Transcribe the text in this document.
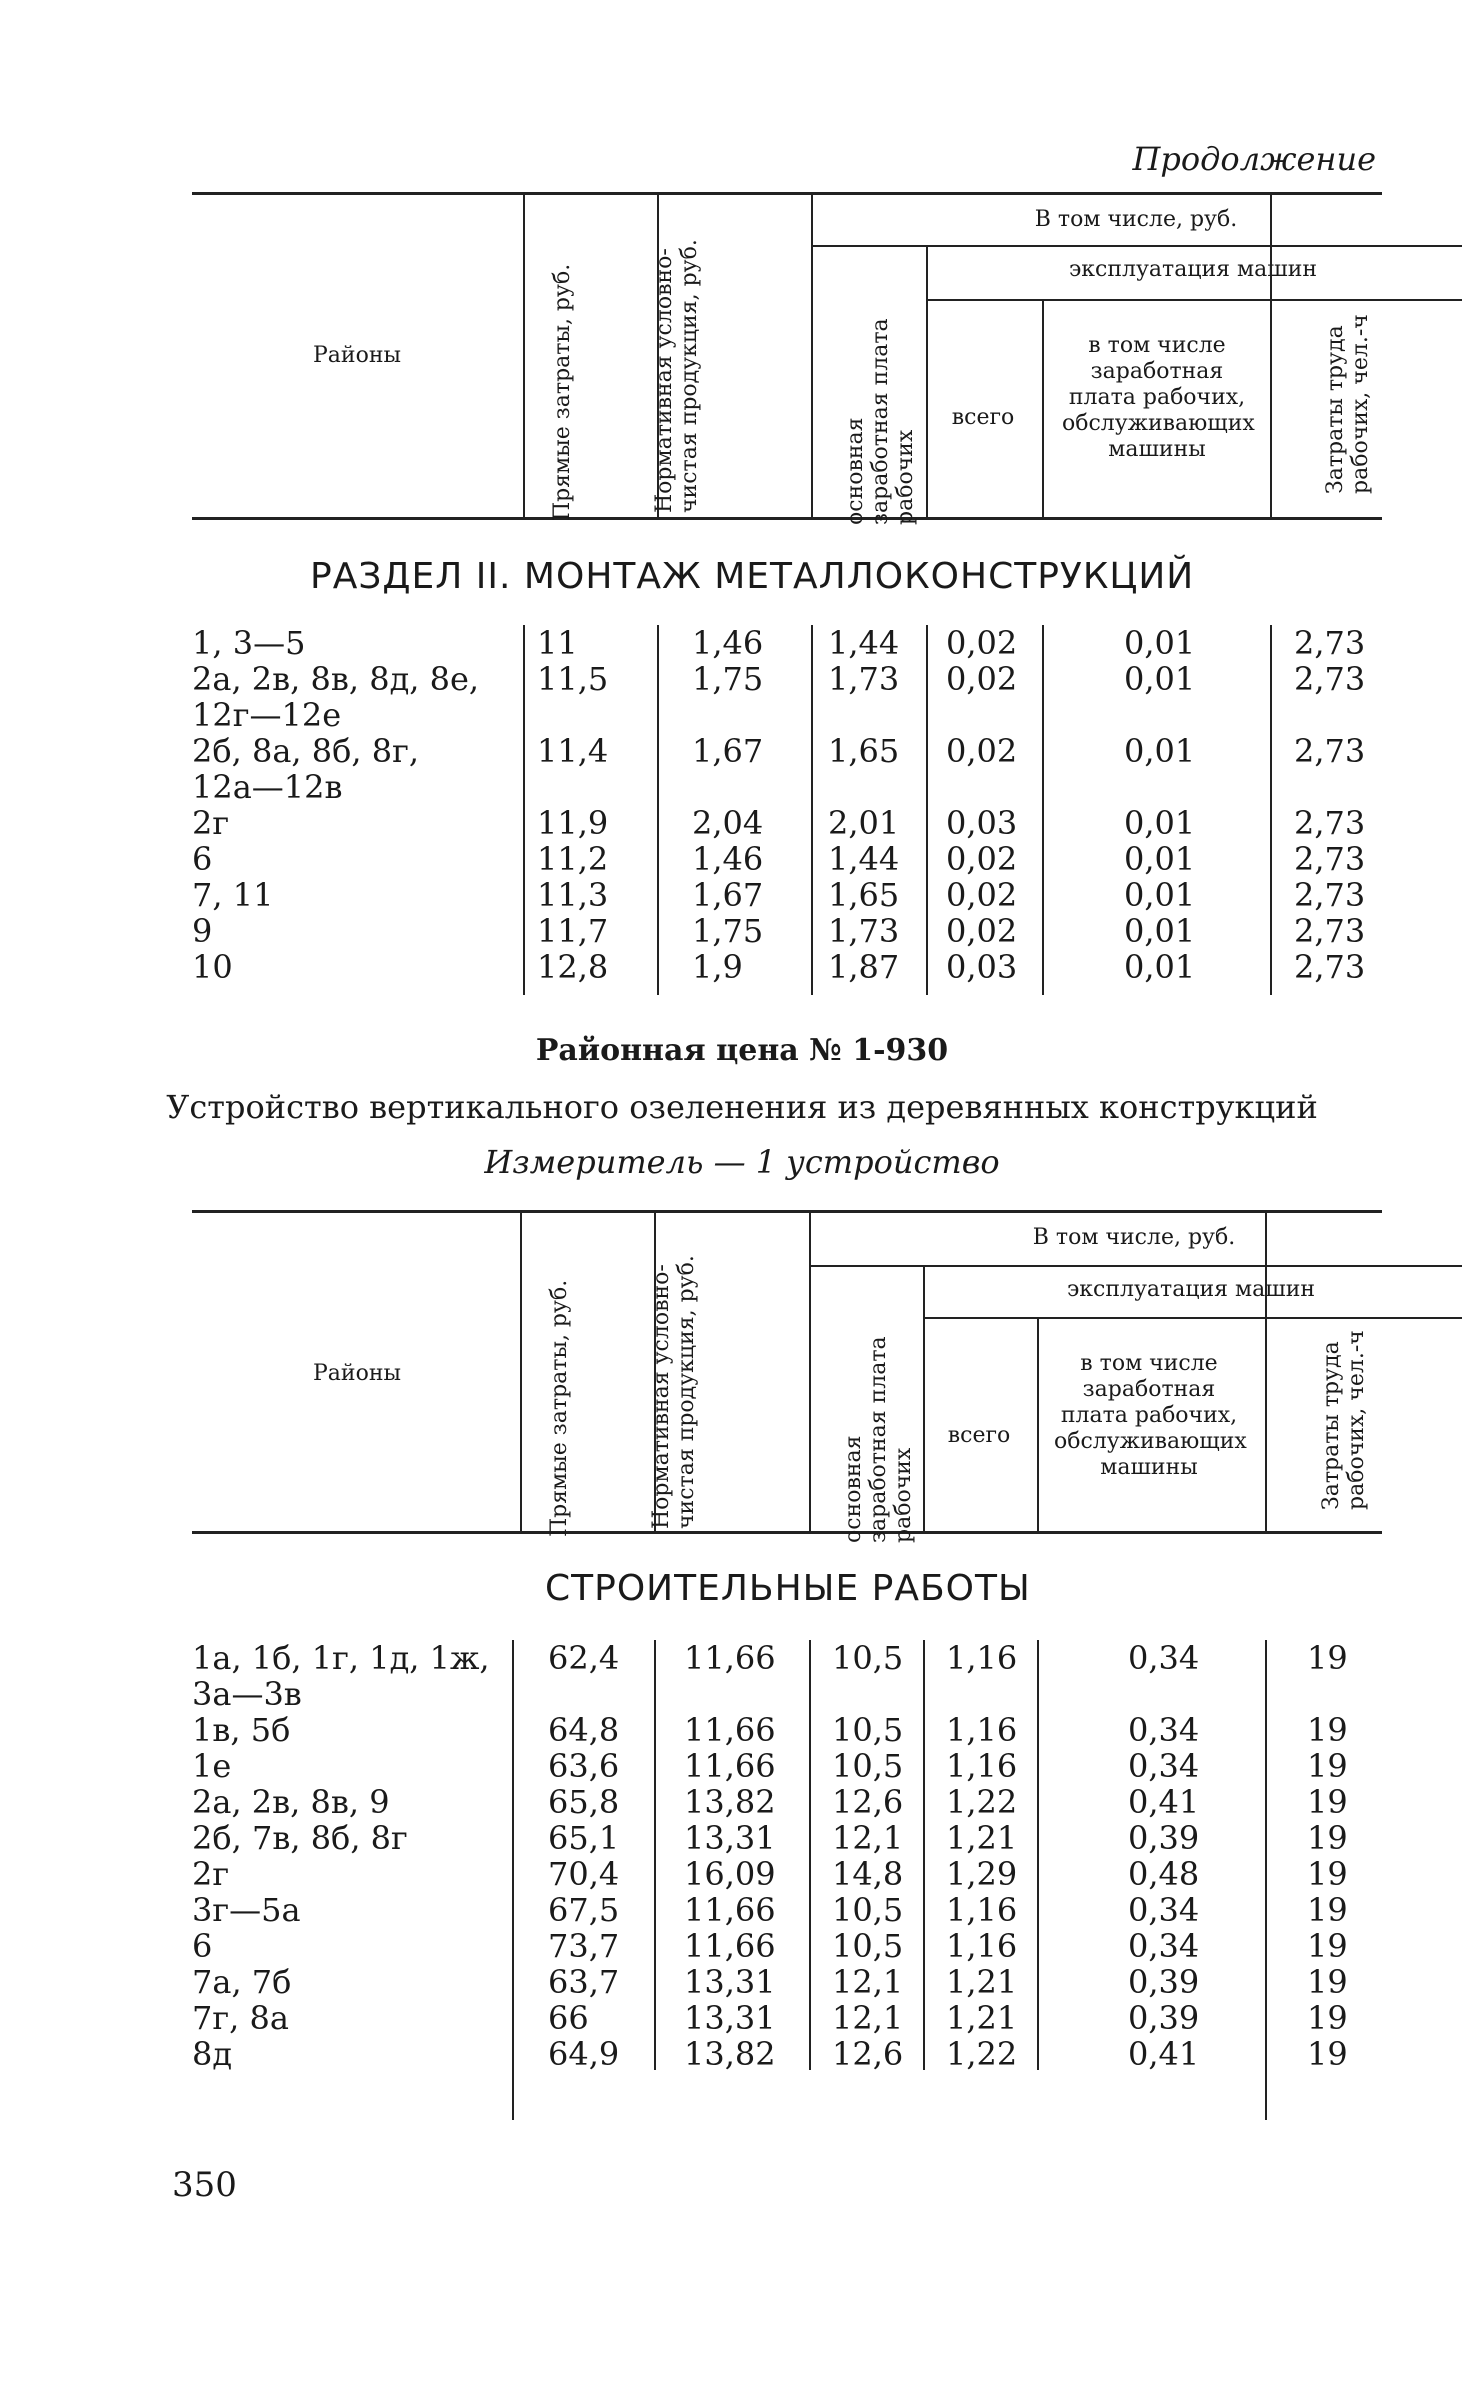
Продолжение
Районы	Прямые затраты, руб.	Нормативная условно-чистая продукция, руб.
В том числе, руб.
основная заработная плата рабочих
эксплуатация машин
всего
в том числе заработная плата рабочих, обслуживающих машины	Затраты труда рабочих, чел.-ч
РАЗДЕЛ II. МОНТАЖ МЕТАЛЛОКОНСТРУКЦИЙ
1, 3—5	11	1,46	1,44	0,02	0,01	2,73
2а, 2в, 8в, 8д, 8е,
12г—12е
11,5	1,75 1,73 0,02	0,01	2,73
2б, 8а, 8б, 8г,
12а—12в
11,4	1,67 1,65 0,02	0,01	2,73
2г	11,9	2,04 2,01 0,03	0,01	2,73
6	11,2	1,46 1,44 0,02	0,01	2,73
7, 11	11,3	1,67 1,65 0,02	0,01	2,73
9	11,7	1,75 1,73 0,02	0,01	2,73
10	12,8	1,9	1,87 0,03	0,01	2,73
Районная цена № 1-930
Устройство вертикального озеленения из деревянных конструкций
Измеритель — 1 устройство
Районы	Прямые затраты, руб.	Нормативная условно-чистая продукция, руб.
В том числе, руб.
основная заработная плата рабочих
эксплуатация машин
всего
в том числе заработная плата рабочих, обслуживающих машины	Затраты труда рабочих, чел.-ч
СТРОИТЕЛЬНЫЕ РАБОТЫ
1а, 1б, 1г, 1д, 1ж,
3а—3в
62,4 11,66 10,5 1,16	0,34	19
1в, 5б	64,8 11,66 10,5 1,16	0,34	19
1е	63,6 11,66 10,5 1,16	0,34	19
2а, 2в, 8в, 9	65,8 13,82 12,6 1,22	0,41	19
2б, 7в, 8б, 8г	65,1 13,31 12,1 1,21	0,39	19
2г	70,4 16,09 14,8 1,29	0,48	19
3г—5а	67,5 11,66 10,5 1,16	0,34	19
6	73,7 11,66 10,5 1,16	0,34	19
7а, 7б	63,7 13,31 12,1 1,21	0,39	19
7г, 8а	66	13,31 12,1 1,21	0,39	19
8д	64,9 13,82 12,6 1,22	0,41	19
350
